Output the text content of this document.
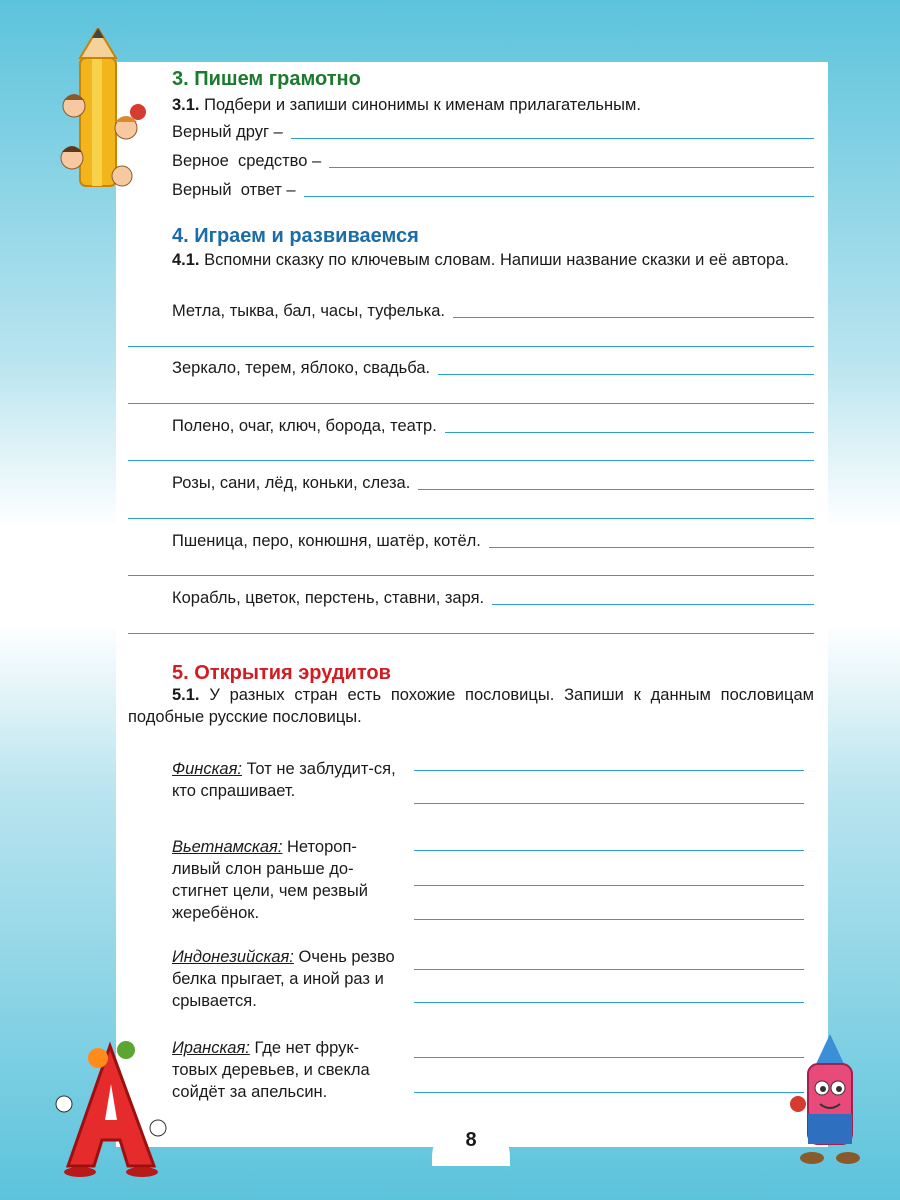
3. Пишем грамотно
3.1. Подбери и запиши синонимы к именам прилагательным.
Верный друг –
Верное  средство –
Верный  ответ –
4. Играем и развиваемся
4.1. Вспомни сказку по ключевым словам. Напиши название сказки и её автора.
Метла, тыква, бал, часы, туфелька.
Зеркало, терем, яблоко, свадьба.
Полено, очаг, ключ, борода, театр.
Розы, сани, лёд, коньки, слеза.
Пшеница, перо, конюшня, шатёр, котёл.
Корабль, цветок, перстень, ставни, заря.
5. Открытия эрудитов
5.1. У разных стран есть похожие пословицы. Запиши к данным пословицам подобные русские пословицы.
Финская: Тот не заблудит-ся, кто спрашивает.
Вьетнамская: Нетороп-ливый слон раньше до-стигнет цели, чем резвый жеребёнок.
Индонезийская: Очень резво белка прыгает, а иной раз и срывается.
Иранская: Где нет фрук-товых деревьев, и свекла сойдёт за апельсин.
8
